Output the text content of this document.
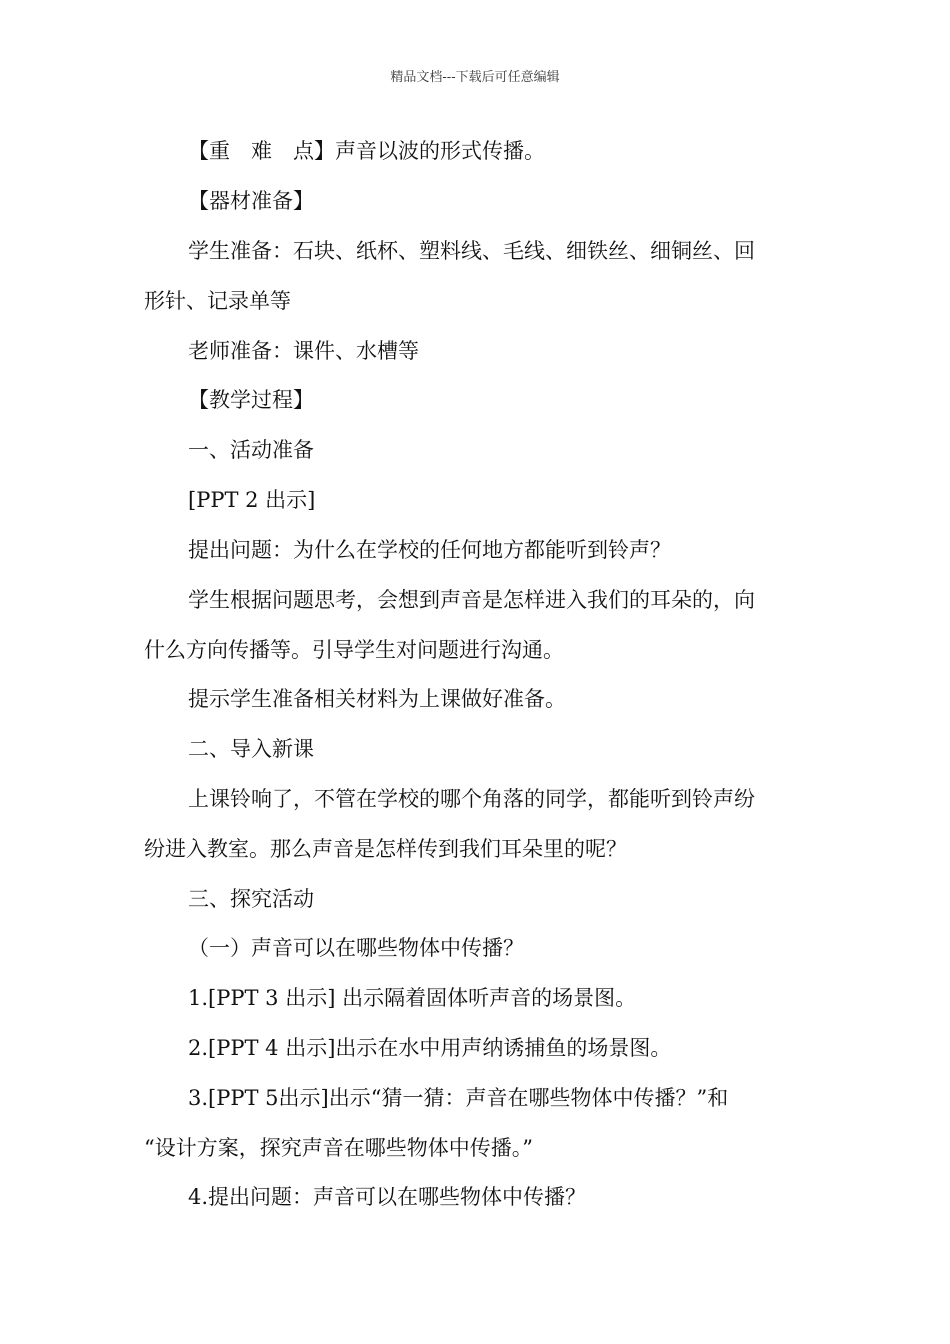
精品文档---下载后可任意编辑
【重　难　点】声音以波的形式传播。
【器材准备】
学生准备：石块、纸杯、塑料线、毛线、细铁丝、细铜丝、回
形针、记录单等
老师准备：课件、水槽等
【教学过程】
一、活动准备
[PPT 2 出示]
提出问题：为什么在学校的任何地方都能听到铃声？
学生根据问题思考，会想到声音是怎样进入我们的耳朵的，向
什么方向传播等。引导学生对问题进行沟通。
提示学生准备相关材料为上课做好准备。
二、导入新课
上课铃响了，不管在学校的哪个角落的同学，都能听到铃声纷
纷进入教室。那么声音是怎样传到我们耳朵里的呢？
三、探究活动
（一）声音可以在哪些物体中传播？
1.[PPT 3 出示] 出示隔着固体听声音的场景图。
2.[PPT 4 出示]出示在水中用声纳诱捕鱼的场景图。
3.[PPT 5出示]出示“猜一猜：声音在哪些物体中传播？”和
“设计方案，探究声音在哪些物体中传播。”
4.提出问题：声音可以在哪些物体中传播？
